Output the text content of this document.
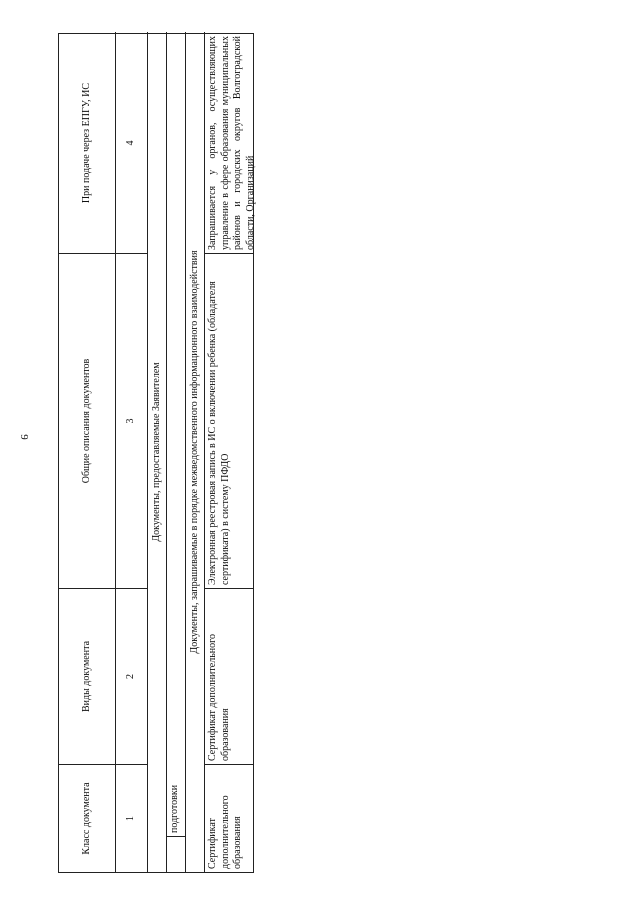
9
Класс документа
Виды документа
Общие описания документов
При подаче через ЕПГУ, ИС
1
2
3
4
Документы, предоставляемые Заявителем
подготовки
Документы, запрашиваемые в порядке межведомственного информационного взаимодействия
Сертификат дополнительного образования
Сертификат дополнительного образования
Электронная реестровая запись в ИС о включении ребенка (обладателя сертификата) в систему ПФДО
Запрашивается у органов, осуществляющих управление в сфере образования муниципальных районов и городских округов Волгоградской области, Организаций
